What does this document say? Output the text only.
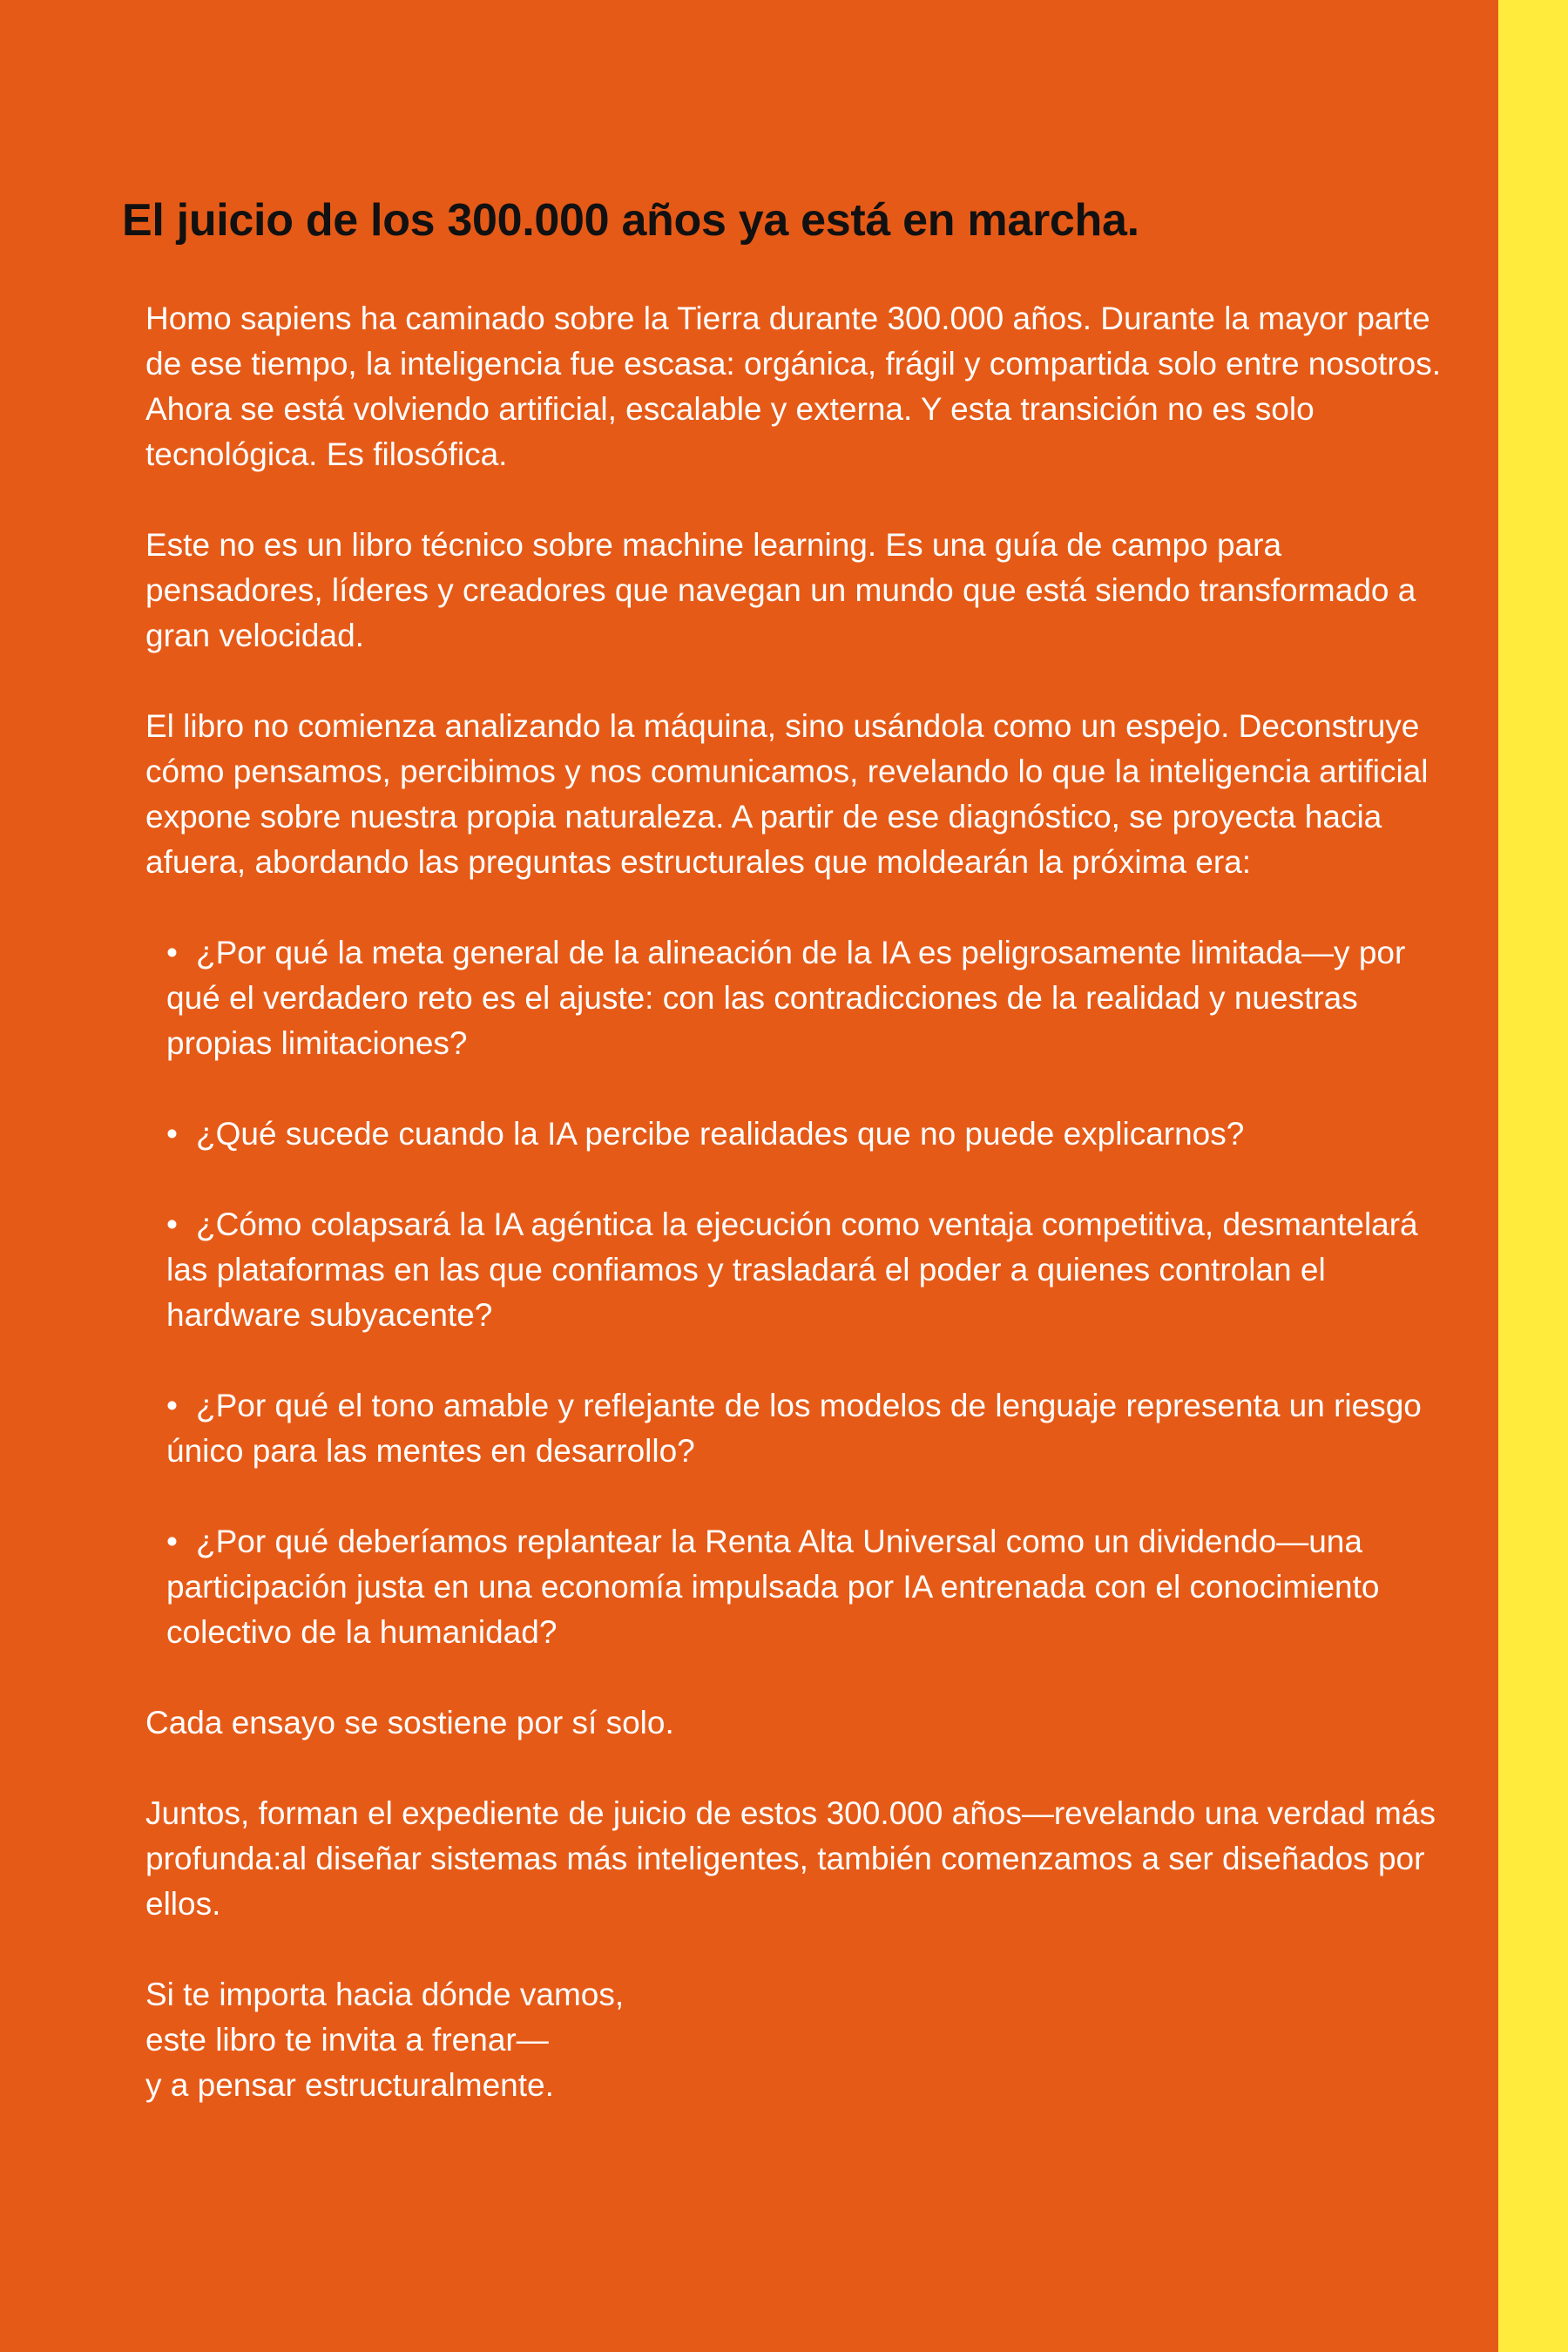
El juicio de los 300.000 años ya está en marcha.

Homo sapiens ha caminado sobre la Tierra durante 300.000 años. Durante la mayor parte de ese tiempo, la inteligencia fue escasa: orgánica, frágil y compartida solo entre nosotros. Ahora se está volviendo artificial, escalable y externa. Y esta transición no es solo tecnológica. Es filosófica.

Este no es un libro técnico sobre machine learning. Es una guía de campo para pensadores, líderes y creadores que navegan un mundo que está siendo transformado a gran velocidad.

El libro no comienza analizando la máquina, sino usándola como un espejo. Deconstruye cómo pensamos, percibimos y nos comunicamos, revelando lo que la inteligencia artificial expone sobre nuestra propia naturaleza. A partir de ese diagnóstico, se proyecta hacia afuera, abordando las preguntas estructurales que moldearán la próxima era:

• ¿Por qué la meta general de la alineación de la IA es peligrosamente limitada—y por qué el verdadero reto es el ajuste: con las contradicciones de la realidad y nuestras propias limitaciones?
• ¿Qué sucede cuando la IA percibe realidades que no puede explicarnos?
• ¿Cómo colapsará la IA agéntica la ejecución como ventaja competitiva, desmantelará las plataformas en las que confiamos y trasladará el poder a quienes controlan el hardware subyacente?
• ¿Por qué el tono amable y reflejante de los modelos de lenguaje representa un riesgo único para las mentes en desarrollo?
• ¿Por qué deberíamos replantear la Renta Alta Universal como un dividendo—una participación justa en una economía impulsada por IA entrenada con el conocimiento colectivo de la humanidad?

Cada ensayo se sostiene por sí solo.

Juntos, forman el expediente de juicio de estos 300.000 años—revelando una verdad más profunda:al diseñar sistemas más inteligentes, también comenzamos a ser diseñados por ellos.

Si te importa hacia dónde vamos,
este libro te invita a frenar—
y a pensar estructuralmente.
